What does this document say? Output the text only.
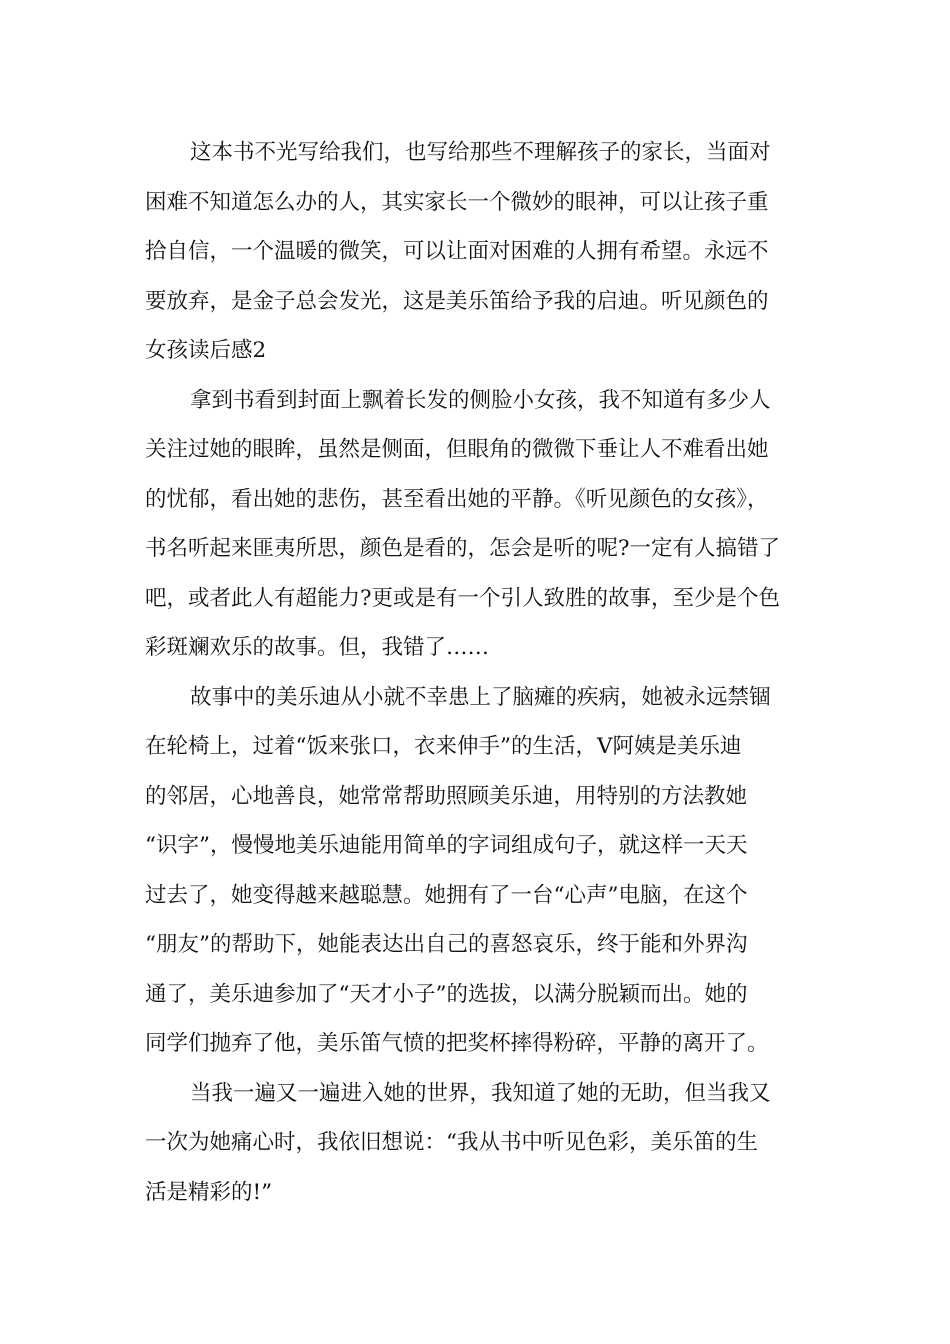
这本书不光写给我们，也写给那些不理解孩子的家长，当面对
困难不知道怎么办的人，其实家长一个微妙的眼神，可以让孩子重
拾自信，一个温暖的微笑，可以让面对困难的人拥有希望。永远不
要放弃，是金子总会发光，这是美乐笛给予我的启迪。听见颜色的
女孩读后感2
拿到书看到封面上飘着长发的侧脸小女孩，我不知道有多少人
关注过她的眼眸，虽然是侧面，但眼角的微微下垂让人不难看出她
的忧郁，看出她的悲伤，甚至看出她的平静。《听见颜色的女孩》，
书名听起来匪夷所思，颜色是看的，怎会是听的呢?一定有人搞错了
吧，或者此人有超能力?更或是有一个引人致胜的故事，至少是个色
彩斑斓欢乐的故事。但，我错了……
故事中的美乐迪从小就不幸患上了脑瘫的疾病，她被永远禁锢
在轮椅上，过着“饭来张口，衣来伸手”的生活，V阿姨是美乐迪
的邻居，心地善良，她常常帮助照顾美乐迪，用特别的方法教她
“识字”，慢慢地美乐迪能用简单的字词组成句子，就这样一天天
过去了，她变得越来越聪慧。她拥有了一台“心声”电脑，在这个
“朋友”的帮助下，她能表达出自己的喜怒哀乐，终于能和外界沟
通了，美乐迪参加了“天才小子”的选拔，以满分脱颖而出。她的
同学们抛弃了他，美乐笛气愤的把奖杯摔得粉碎，平静的离开了。
当我一遍又一遍进入她的世界，我知道了她的无助，但当我又
一次为她痛心时，我依旧想说：“我从书中听见色彩，美乐笛的生
活是精彩的!”
